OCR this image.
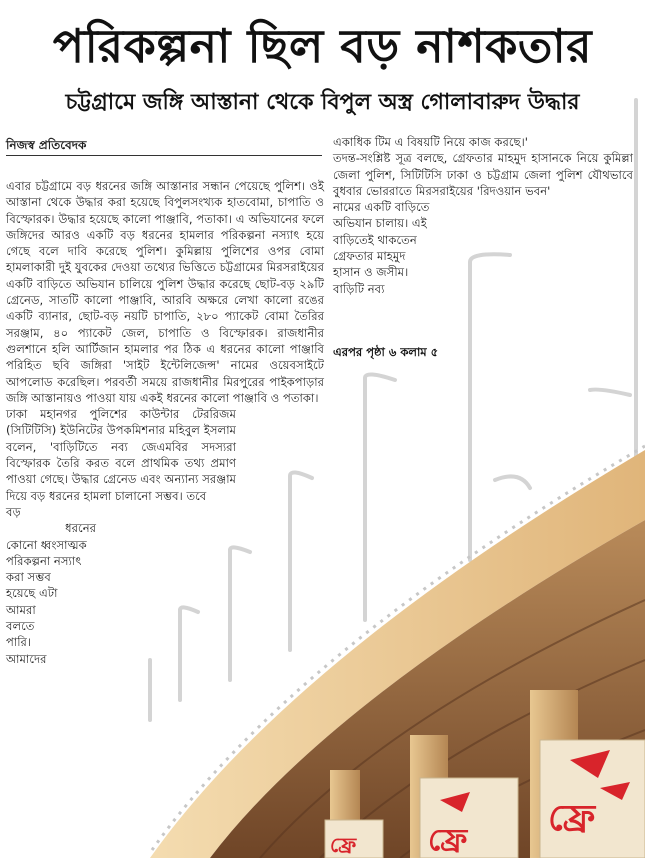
ফ্রে
ফ্রে
ফ্রে
পরিকল্পনা ছিল বড় নাশকতার
চট্টগ্রামে জঙ্গি আস্তানা থেকে বিপুল অস্ত্র গোলাবারুদ উদ্ধার
নিজস্ব প্রতিবেদক

এবার চট্টগ্রামে বড় ধরনের জঙ্গি আস্তানার সন্ধান পেয়েছে পুলিশ। ওই আস্তানা থেকে উদ্ধার করা হয়েছে বিপুলসংখ্যক হাতবোমা, চাপাতি ও বিস্ফোরক। উদ্ধার হয়েছে কালো পাঞ্জাবি, পতাকা। এ অভিযানের ফলে জঙ্গিদের আরও একটি বড় ধরনের হামলার পরিকল্পনা নস্যাৎ হয়ে গেছে বলে দাবি করেছে পুলিশ। কুমিল্লায় পুলিশের ওপর বোমা হামলাকারী দুই যুবকের দেওয়া তথ্যের ভিত্তিতে চট্টগ্রামের মিরসরাইয়ের একটি বাড়িতে অভিযান চালিয়ে পুলিশ উদ্ধার করেছে ছোট-বড় ২৯টি গ্রেনেড, সাতটি কালো পাঞ্জাবি, আরবি অক্ষরে লেখা কালো রঙের একটি ব্যানার, ছোট-বড় নয়টি চাপাতি, ২৮০ প্যাকেট বোমা তৈরির সরঞ্জাম, ৪০ প্যাকেট জেল, চাপাতি ও বিস্ফোরক। রাজধানীর গুলশানে হলি আর্টিজান হামলার পর ঠিক এ ধরনের কালো পাঞ্জাবি পরিহিত ছবি জঙ্গিরা 'সাইট ইন্টেলিজেন্স' নামের ওয়েবসাইটে আপলোড করেছিল। পরবর্তী সময়ে রাজধানীর মিরপুরের পাইকপাড়ার জঙ্গি আস্তানায়ও পাওয়া যায় একই ধরনের কালো পাঞ্জাবি ও পতাকা।

ঢাকা মহানগর পুলিশের কাউন্টার টেররিজম (সিটিটিসি) ইউনিটের উপকমিশনার মহিবুল ইসলাম বলেন, 'বাড়িটিতে নব্য জেএমবির সদস্যরা বিস্ফোরক তৈরি করত বলে প্রাথমিক তথ্য প্রমাণ পাওয়া গেছে। উদ্ধার গ্রেনেড এবং অন্যান্য সরঞ্জাম দিয়ে বড় ধরনের হামলা চালানো সম্ভব। তবে

বড়
ধরনের
কোনো ধ্বংসাত্মক
পরিকল্পনা নস্যাৎ
করা সম্ভব
হয়েছে এটা
আমরা
বলতে
পারি।
আমাদের

একাধিক টিম এ বিষয়টি নিয়ে কাজ করছে।'

তদন্ত-সংশ্লিষ্ট সূত্র বলছে, গ্রেফতার মাহমুদ হাসানকে নিয়ে কুমিল্লা জেলা পুলিশ, সিটিটিসি ঢাকা ও চট্টগ্রাম জেলা পুলিশ যৌথভাবে বুধবার ভোররাতে মিরসরাইয়ের 'রিদওয়ান ভবন'

নামের একটি বাড়িতে
অভিযান চালায়। এই
বাড়িতেই থাকতেন
গ্রেফতার মাহমুদ
হাসান ও জসীম।
বাড়িটি নব্য
এরপর পৃষ্ঠা ৬ কলাম ৫
